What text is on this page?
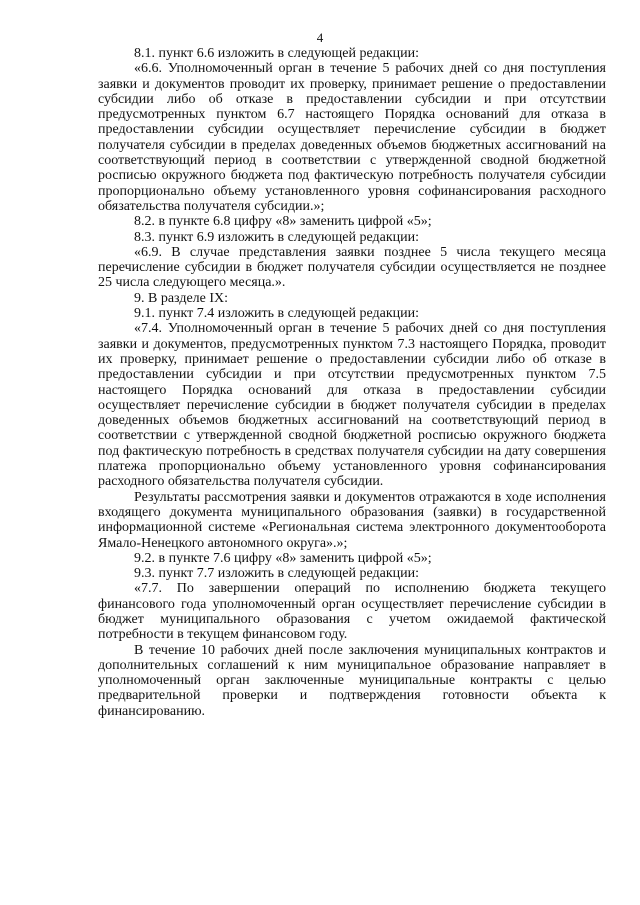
4

8.1. пункт 6.6 изложить в следующей редакции:

«6.6. Уполномоченный орган в течение 5 рабочих дней со дня поступления заявки и документов проводит их проверку, принимает решение о предоставлении субсидии либо об отказе в предоставлении субсидии и при отсутствии предусмотренных пунктом 6.7 настоящего Порядка оснований для отказа в предоставлении субсидии осуществляет перечисление субсидии в бюджет получателя субсидии в пределах доведенных объемов бюджетных ассигнований на соответствующий период в соответствии с утвержденной сводной бюджетной росписью окружного бюджета под фактическую потребность получателя субсидии пропорционально объему установленного уровня софинансирования расходного обязательства получателя субсидии.»;

8.2. в пункте 6.8 цифру «8» заменить цифрой «5»;

8.3. пункт 6.9 изложить в следующей редакции:

«6.9. В случае представления заявки позднее 5 числа текущего месяца перечисление субсидии в бюджет получателя субсидии осуществляется не позднее 25 числа следующего месяца.».

9. В разделе IX:

9.1. пункт 7.4 изложить в следующей редакции:

«7.4. Уполномоченный орган в течение 5 рабочих дней со дня поступления заявки и документов, предусмотренных пунктом 7.3 настоящего Порядка, проводит их проверку, принимает решение о предоставлении субсидии либо об отказе в предоставлении субсидии и при отсутствии предусмотренных пунктом 7.5 настоящего Порядка оснований для отказа в предоставлении субсидии осуществляет перечисление субсидии в бюджет получателя субсидии в пределах доведенных объемов бюджетных ассигнований на соответствующий период в соответствии с утвержденной сводной бюджетной росписью окружного бюджета под фактическую потребность в средствах получателя субсидии на дату совершения платежа пропорционально объему установленного уровня софинансирования расходного обязательства получателя субсидии.

Результаты рассмотрения заявки и документов отражаются в ходе исполнения входящего документа муниципального образования (заявки) в государственной информационной системе «Региональная система электронного документооборота Ямало-Ненецкого автономного округа».»;

9.2. в пункте 7.6 цифру «8» заменить цифрой «5»;

9.3. пункт 7.7 изложить в следующей редакции:

«7.7. По завершении операций по исполнению бюджета текущего финансового года уполномоченный орган осуществляет перечисление субсидии в бюджет муниципального образования с учетом ожидаемой фактической потребности в текущем финансовом году.

В течение 10 рабочих дней после заключения муниципальных контрактов и дополнительных соглашений к ним муниципальное образование направляет в уполномоченный орган заключенные муниципальные контракты с целью предварительной проверки и подтверждения готовности объекта к финансированию.
